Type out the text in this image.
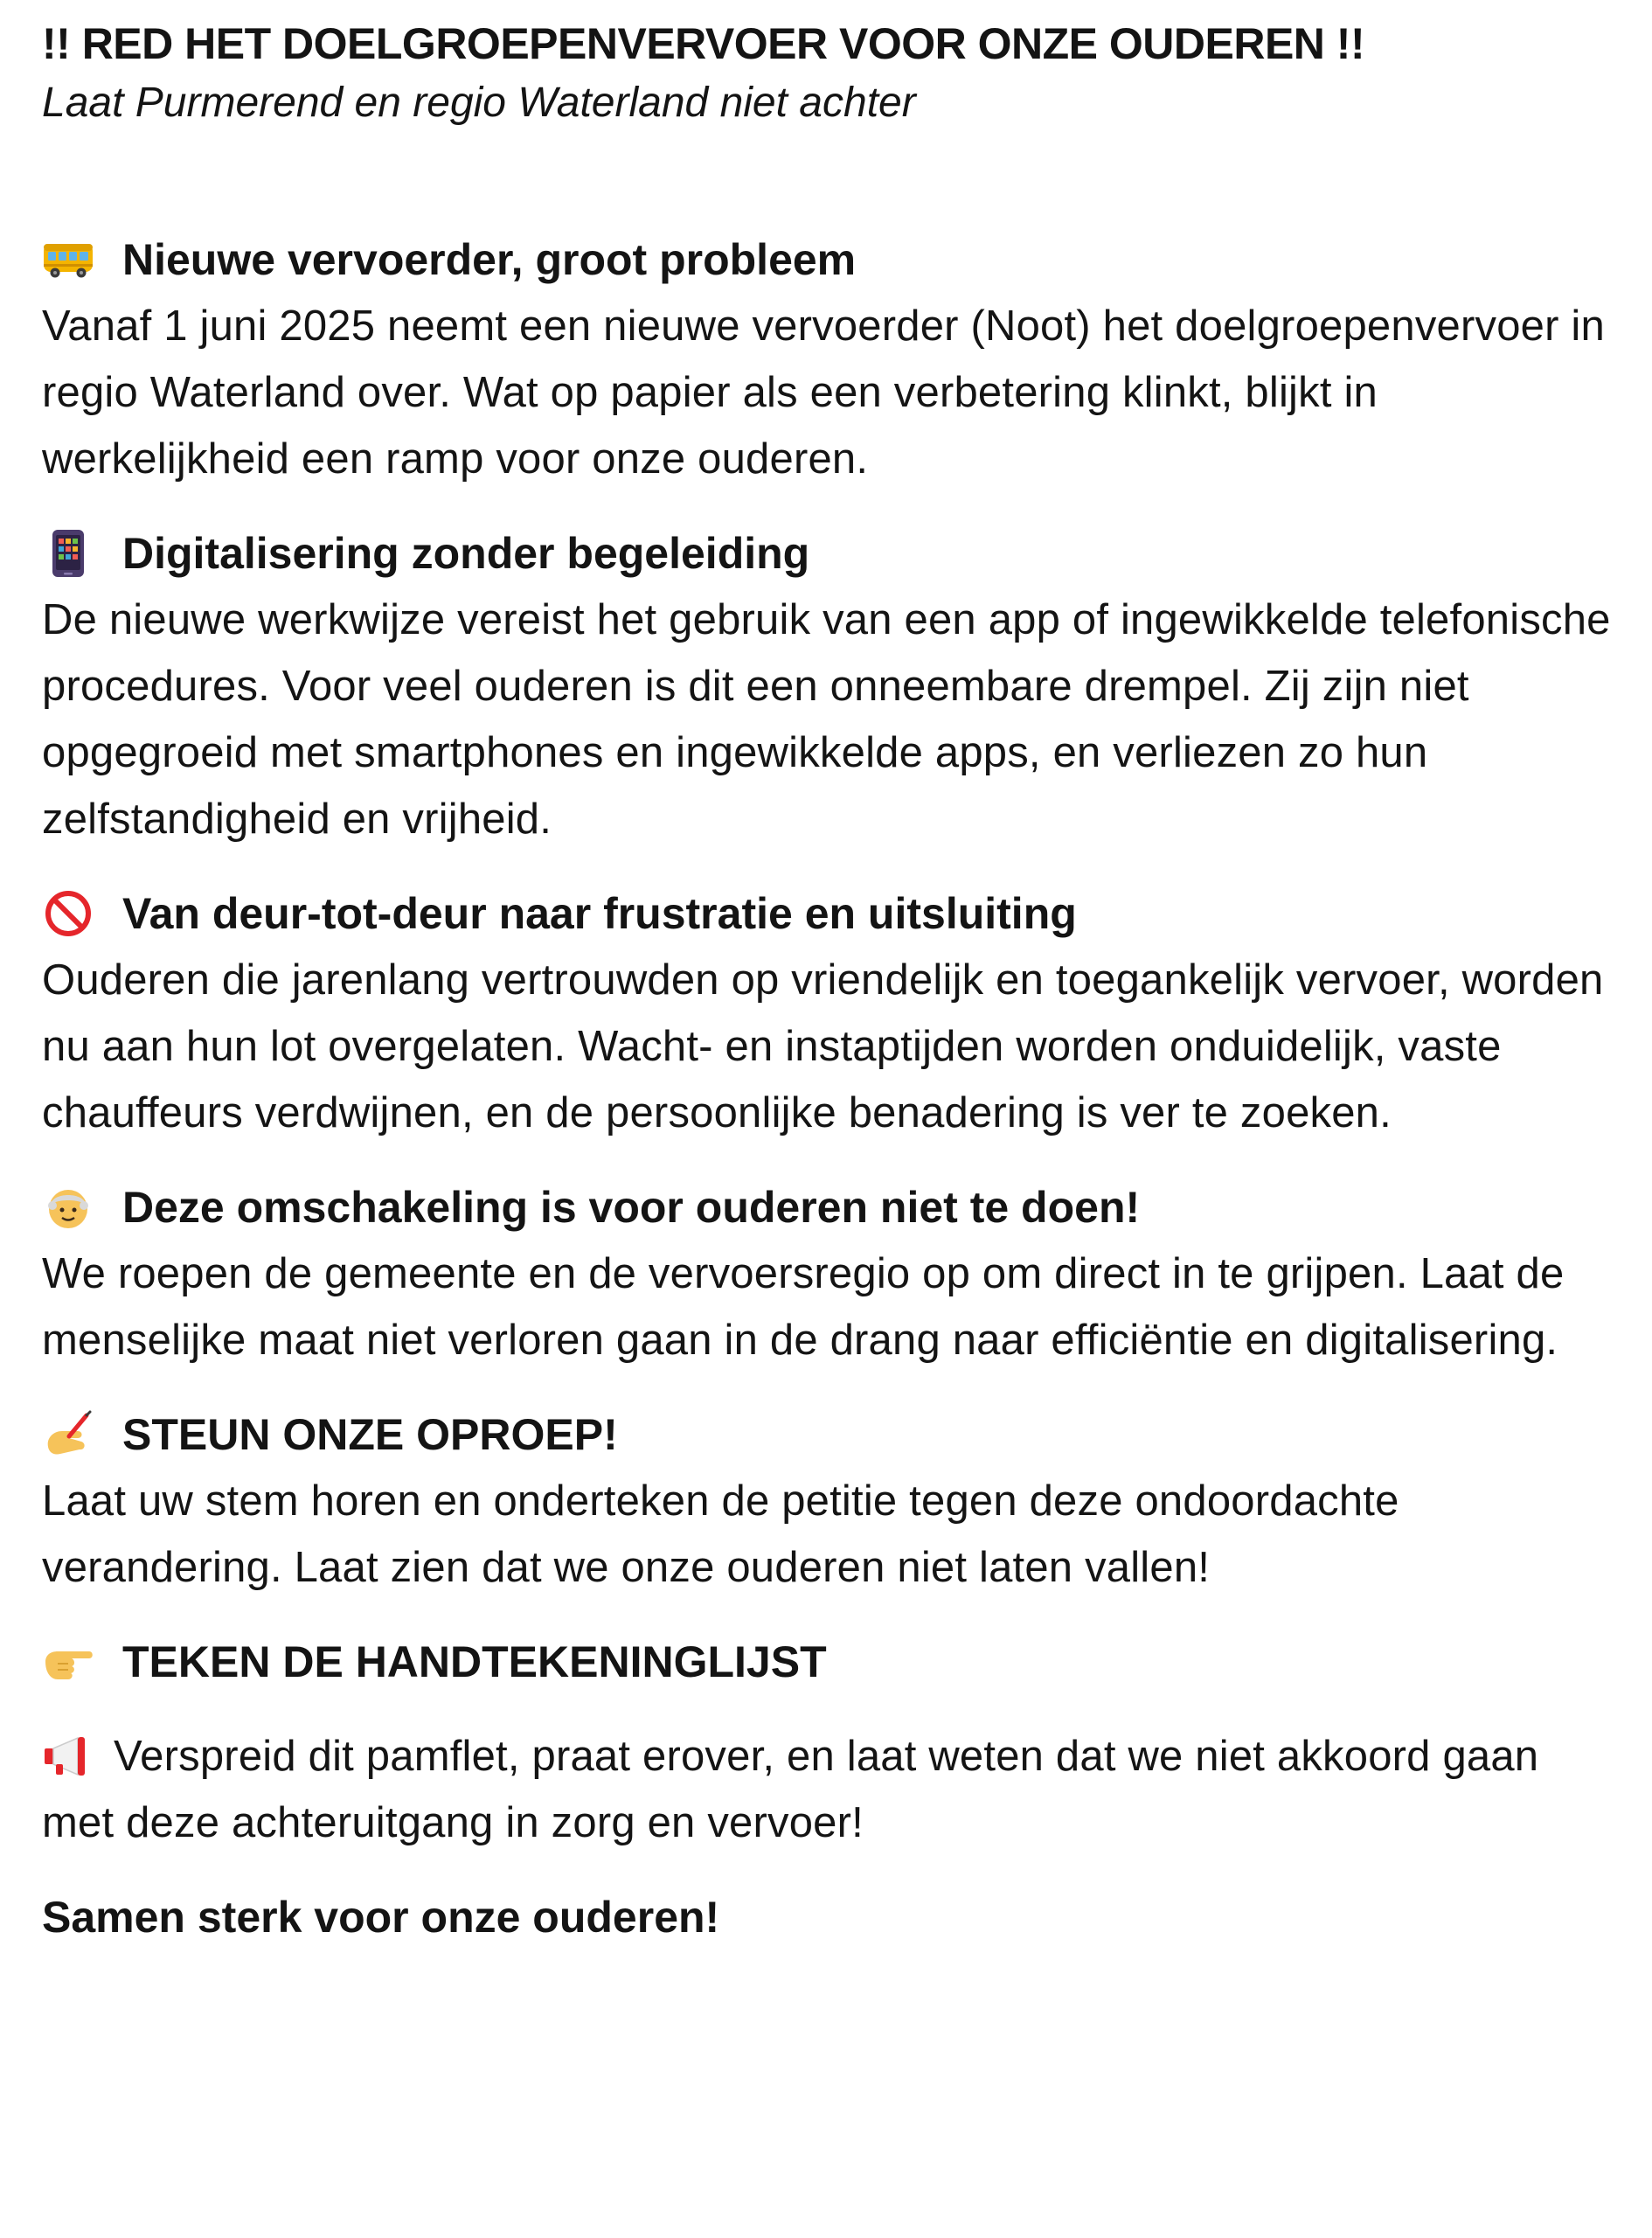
!! RED HET DOELGROEPENVERVOER VOOR ONZE OUDEREN !!

Laat Purmerend en regio Waterland niet achter

Nieuwe vervoerder, groot probleem

Vanaf 1 juni 2025 neemt een nieuwe vervoerder (Noot) het doelgroepenvervoer in regio Waterland over. Wat op papier als een verbetering klinkt, blijkt in werkelijkheid een ramp voor onze ouderen.

Digitalisering zonder begeleiding

De nieuwe werkwijze vereist het gebruik van een app of ingewikkelde telefonische procedures. Voor veel ouderen is dit een onneembare drempel. Zij zijn niet opgegroeid met smartphones en ingewikkelde apps, en verliezen zo hun zelfstandigheid en vrijheid.

Van deur-tot-deur naar frustratie en uitsluiting

Ouderen die jarenlang vertrouwden op vriendelijk en toegankelijk vervoer, worden nu aan hun lot overgelaten. Wacht- en instaptijden worden onduidelijk, vaste chauffeurs verdwijnen, en de persoonlijke benadering is ver te zoeken.

Deze omschakeling is voor ouderen niet te doen!

We roepen de gemeente en de vervoersregio op om direct in te grijpen. Laat de menselijke maat niet verloren gaan in de drang naar efficiëntie en digitalisering.

STEUN ONZE OPROEP!

Laat uw stem horen en onderteken de petitie tegen deze ondoordachte verandering. Laat zien dat we onze ouderen niet laten vallen!

TEKEN DE HANDTEKENINGLIJST

Verspreid dit pamflet, praat erover, en laat weten dat we niet akkoord gaan met deze achteruitgang in zorg en vervoer!

Samen sterk voor onze ouderen!
